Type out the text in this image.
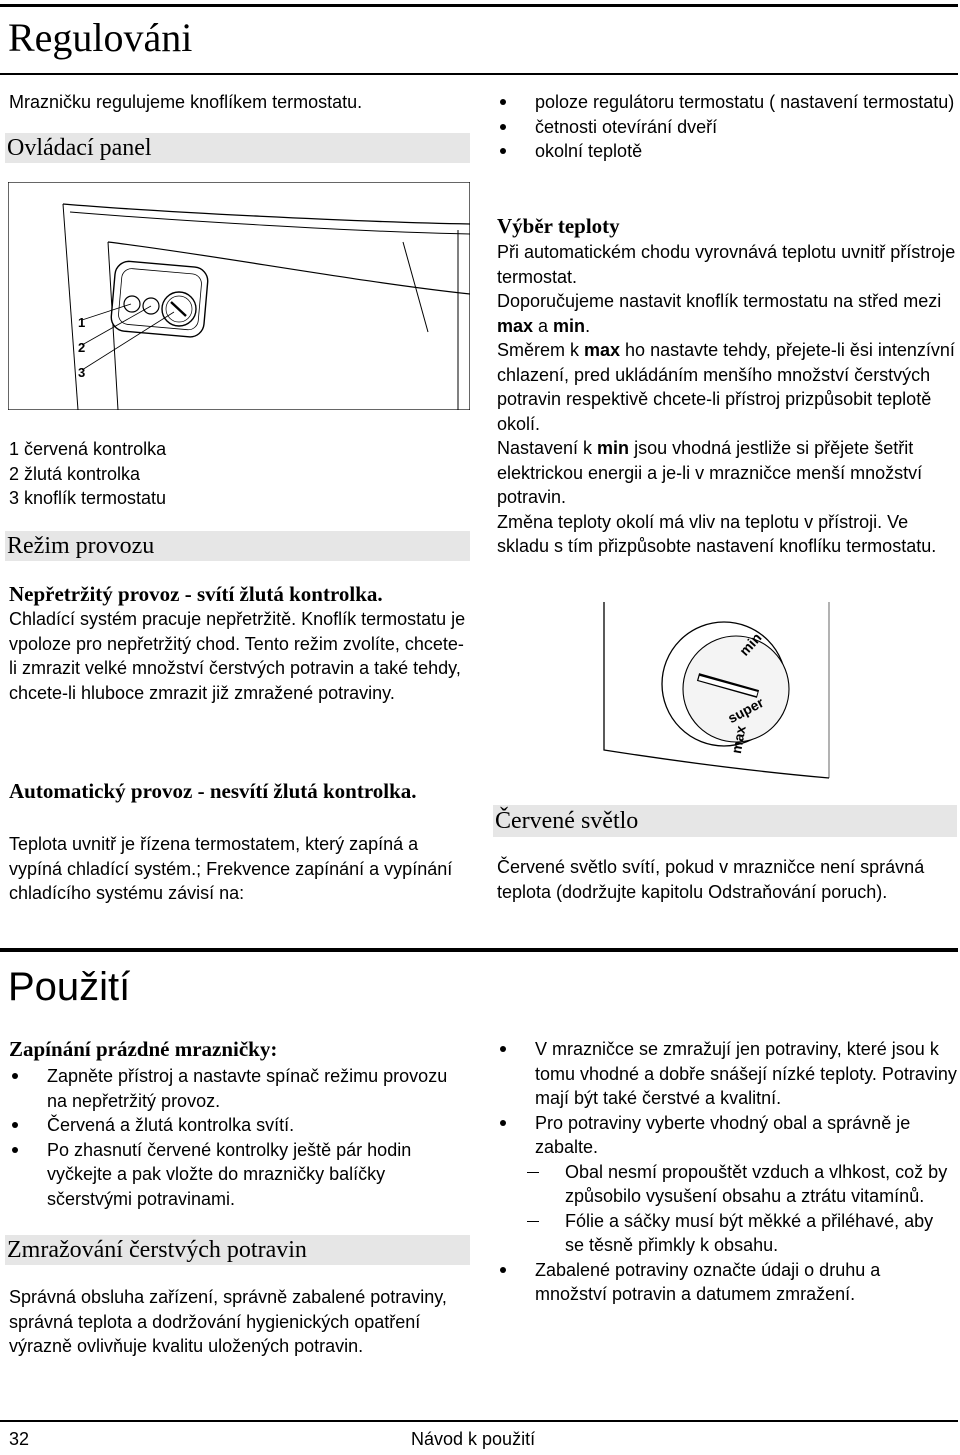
Regulováni
Mrazničku regulujeme knoflíkem termostatu.
Ovládací panel
1
2
3
1 červená kontrolka
2 žlutá kontrolka
3 knoflík termostatu
Režim provozu
Nepřetržitý provoz - svítí žlutá kontrolka.
Chladící systém pracuje nepřetržitě. Knoflík termostatu je vpoloze pro nepřetržitý chod. Tento režim zvolíte, chcete-li zmrazit velké množství čerstvých potravin a také tehdy, chcete-li hluboce zmrazit již zmražené potraviny.
Automatický provoz - nesvítí žlutá kontrolka.
Teplota uvnitř je řízena termostatem, který zapíná a vypíná chladící systém.; Frekvence zapínání a vypínání chladícího systému závisí na:
poloze regulátoru termostatu ( nastavení termostatu)
četnosti otevírání dveří
okolní teplotě
Výběr teploty
Při automatickém chodu vyrovnává teplotu uvnitř přístroje termostat.
Doporučujeme nastavit knoflík termostatu na střed mezi max a min.
Směrem k max ho nastavte tehdy, přejete-li ěsi intenzívní chlazení, pred ukládáním menšího množství čerstvých potravin respektivě chcete-li přístroj prizpůsobit teplotě okolí.
Nastavení k min jsou vhodná jestliže si přějete šetřit elektrickou energii a je-li v mrazničce menší množství potravin.
Změna teploty okolí má vliv na teplotu v přístroji. Ve skladu s tím přizpůsobte nastavení knoflíku termostatu.
min
super
max
Červené světlo
Červené světlo svítí, pokud v mrazničce není správná teplota (dodržujte kapitolu Odstraňování poruch).
Použití
Zapínání prázdné mrazničky:
Zapněte přístroj a nastavte spínač režimu provozu na nepřetržitý provoz.
Červená a žlutá kontrolka svítí.
Po zhasnutí červené kontrolky ještě pár hodin vyčkejte a pak vložte do mrazničky balíčky sčerstvými potravinami.
Zmražování čerstvých potravin
Správná obsluha zařízení, správně zabalené potraviny, správná teplota a dodržování hygienických opatření výrazně ovlivňuje kvalitu uložených potravin.
V mrazničce se zmražují jen potraviny, které jsou k tomu vhodné a dobře snášejí nízké teploty. Potraviny mají být také čerstvé a kvalitní.
Pro potraviny vyberte vhodný obal a správně je zabalte.
Obal nesmí propouštět vzduch a vlhkost, což by způsobilo vysušení obsahu a ztrátu vitamínů.
Fólie a sáčky musí být měkké a přiléhavé, aby se těsně přimkly k obsahu.
Zabalené potraviny označte údaji o druhu a množství potravin a datumem zmražení.
32	Návod k použití
